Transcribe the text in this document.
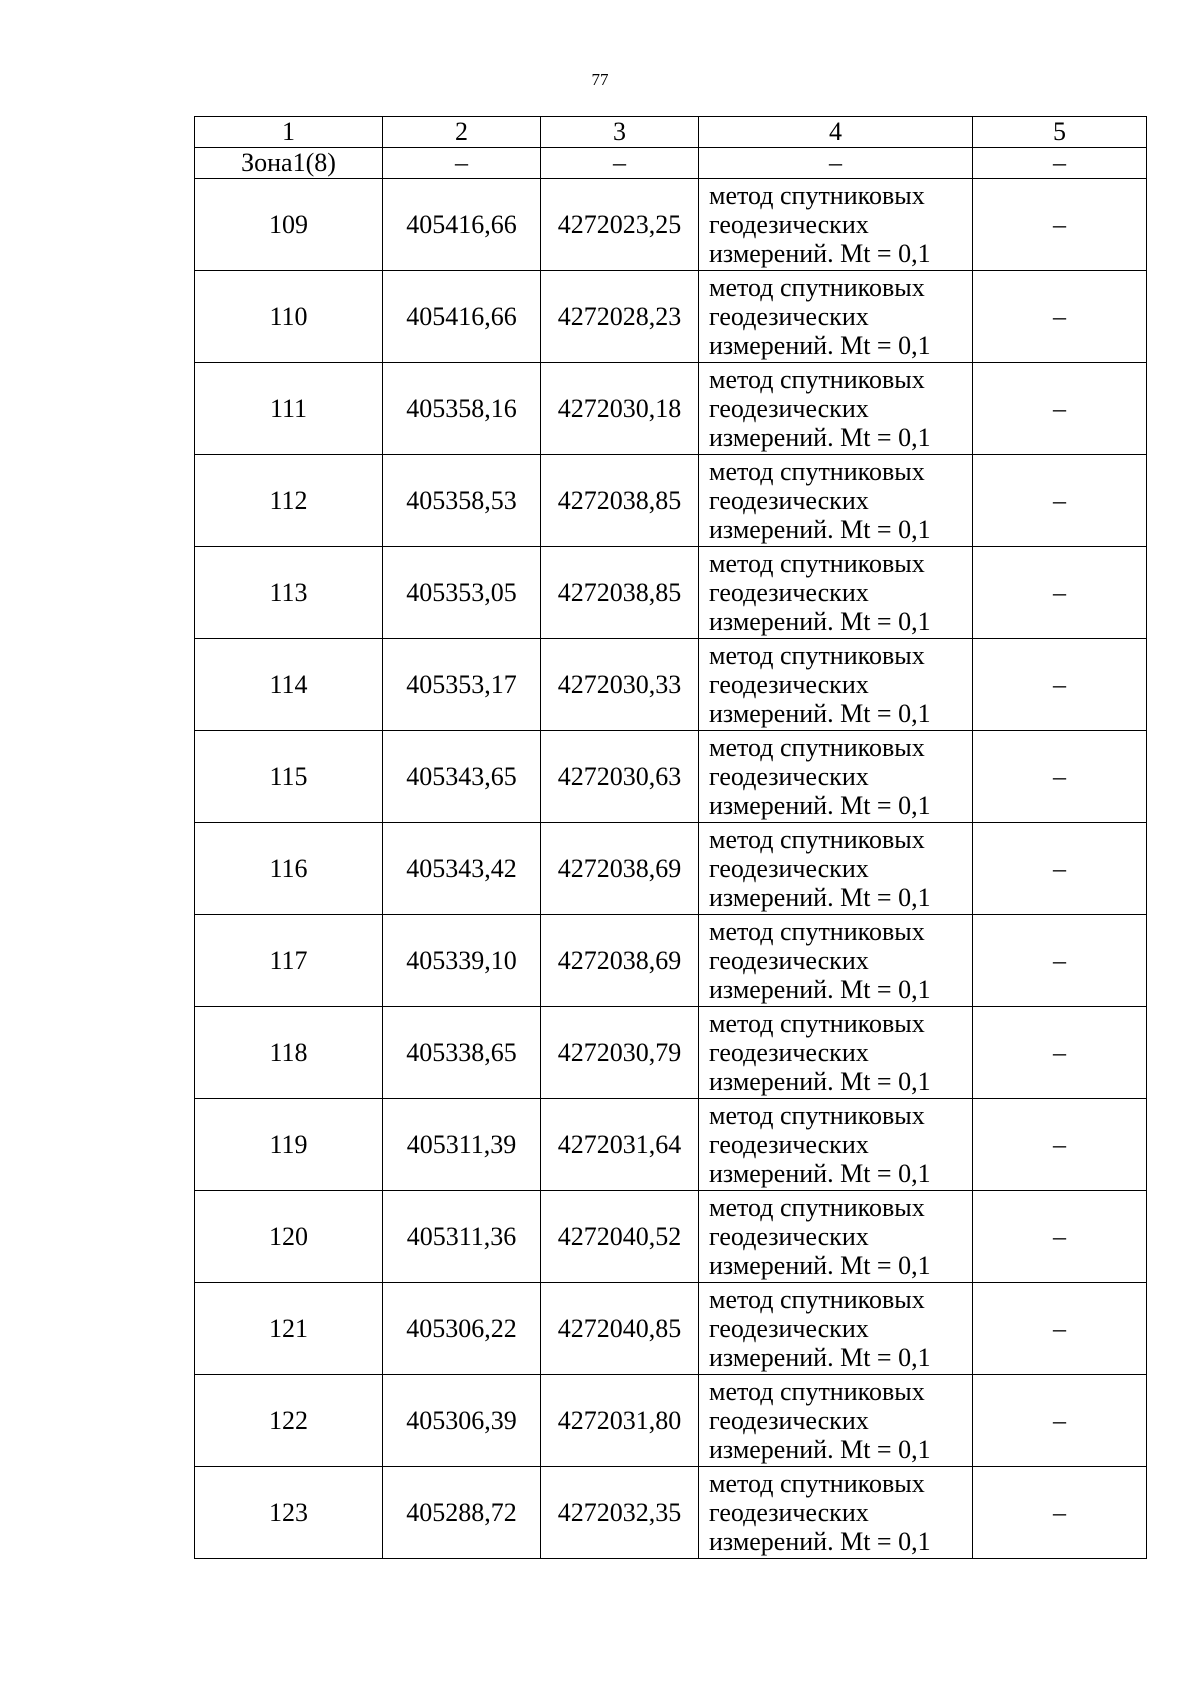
77
1	2	3	4	5
Зона1(8)	–	–	–	–
109	405416,66	4272023,25	метод спутниковых
геодезических
измерений. Mt = 0,1	–
110	405416,66	4272028,23	метод спутниковых
геодезических
измерений. Mt = 0,1	–
111	405358,16	4272030,18	метод спутниковых
геодезических
измерений. Mt = 0,1	–
112	405358,53	4272038,85	метод спутниковых
геодезических
измерений. Mt = 0,1	–
113	405353,05	4272038,85	метод спутниковых
геодезических
измерений. Mt = 0,1	–
114	405353,17	4272030,33	метод спутниковых
геодезических
измерений. Mt = 0,1	–
115	405343,65	4272030,63	метод спутниковых
геодезических
измерений. Mt = 0,1	–
116	405343,42	4272038,69	метод спутниковых
геодезических
измерений. Mt = 0,1	–
117	405339,10	4272038,69	метод спутниковых
геодезических
измерений. Mt = 0,1	–
118	405338,65	4272030,79	метод спутниковых
геодезических
измерений. Mt = 0,1	–
119	405311,39	4272031,64	метод спутниковых
геодезических
измерений. Mt = 0,1	–
120	405311,36	4272040,52	метод спутниковых
геодезических
измерений. Mt = 0,1	–
121	405306,22	4272040,85	метод спутниковых
геодезических
измерений. Mt = 0,1	–
122	405306,39	4272031,80	метод спутниковых
геодезических
измерений. Mt = 0,1	–
123	405288,72	4272032,35	метод спутниковых
геодезических
измерений. Mt = 0,1	–
